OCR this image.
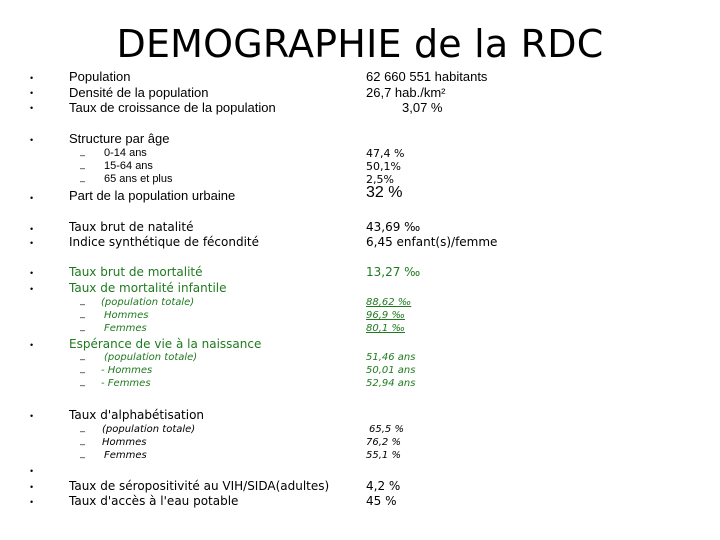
DEMOGRAPHIE de la RDC
•
•
•
•
•
•
•
•
•
•
•
•
•
•
–
–
–
–
–
–
–
–
–
–
–
–
Population
Densité de la population
Taux de croissance de la population
62 660 551 habitants
26,7 hab./km²
3,07 %
Structure par âge
0-14 ans
15-64 ans
65 ans et plus
47,4 %
50,1%
2,5%
Part de la population urbaine	32 %
Taux brut de natalité
Indice synthétique de fécondité
43,69 ‰
6,45 enfant(s)/femme
Taux brut de mortalité	13,27 ‰
Taux de mortalité infantile
(population totale)
Hommes
Femmes
88,62 ‰
96,9 ‰
80,1 ‰
Espérance de vie à la naissance
(population totale)
- Hommes
- Femmes
51,46 ans
50,01 ans
52,94 ans
Taux d'alphabétisation
(population totale)
Hommes
Femmes
65,5 %
76,2 %
55,1 %
Taux de séropositivité au VIH/SIDA(adultes)
Taux d'accès à l'eau potable
4,2 %
45 %
